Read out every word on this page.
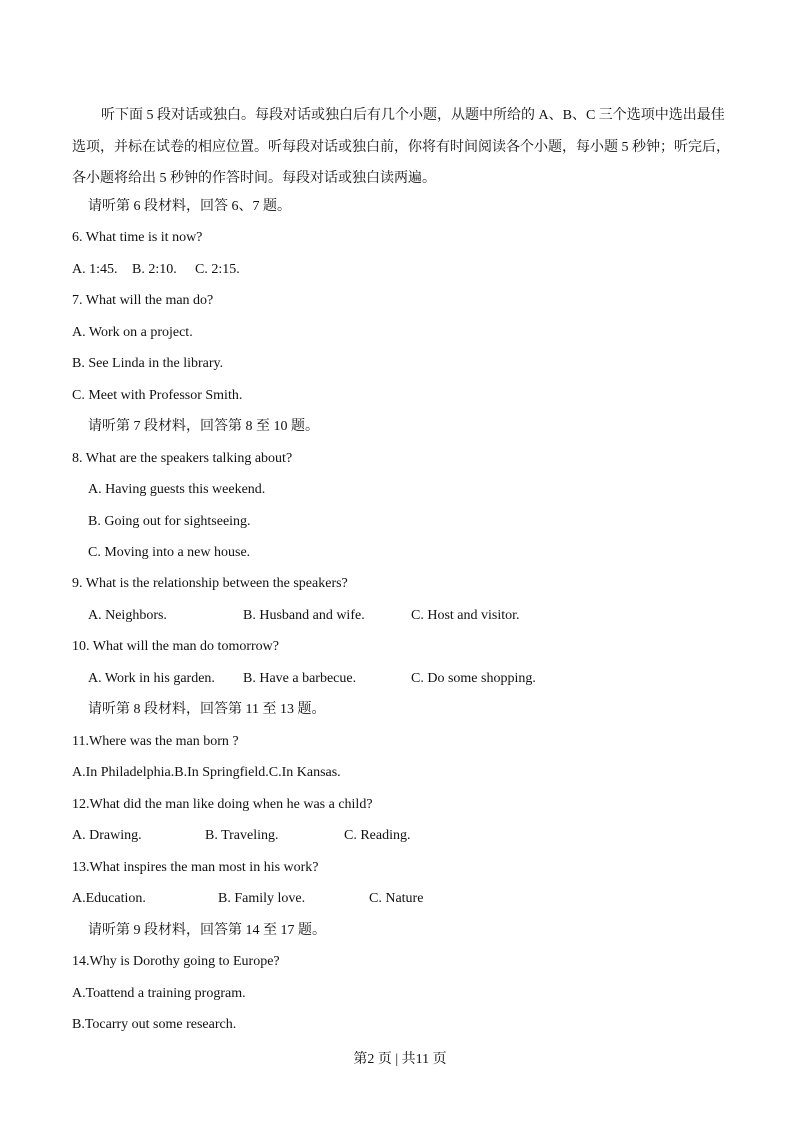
听下面 5 段对话或独白。每段对话或独白后有几个小题，从题中所给的 A、B、C 三个选项中选出最佳

选项，并标在试卷的相应位置。听每段对话或独白前，你将有时间阅读各个小题，每小题 5 秒钟；听完后，

各小题将给出 5 秒钟的作答时间。每段对话或独白读两遍。

请听第 6 段材料，回答 6、7 题。
6. What time is it now?
A. 1:45. B. 2:10. C. 2:15.
7. What will the man do?
A. Work on a project.
B. See Linda in the library.
C. Meet with Professor Smith.
请听第 7 段材料，回答第 8 至 10 题。
8. What are the speakers talking about?
A. Having guests this weekend.
B. Going out for sightseeing.
C. Moving into a new house.
9. What is the relationship between the speakers?
A. Neighbors.	B. Husband and wife.	C. Host and visitor.
10. What will the man do tomorrow?
A. Work in his garden. B. Have a barbecue.	C. Do some shopping.
请听第 8 段材料，回答第 11 至 13 题。
11.Where was the man born ?
A.In Philadelphia.B.In Springfield.C.In Kansas.
12.What did the man like doing when he was a child?
A. Drawing.	B. Traveling.	C. Reading.
13.What inspires the man most in his work?
A.Education.	B. Family love.	C. Nature
请听第 9 段材料，回答第 14 至 17 题。
14.Why is Dorothy going to Europe?
A.Toattend a training program.
B.Tocarry out some research.
第2 页 | 共11 页
